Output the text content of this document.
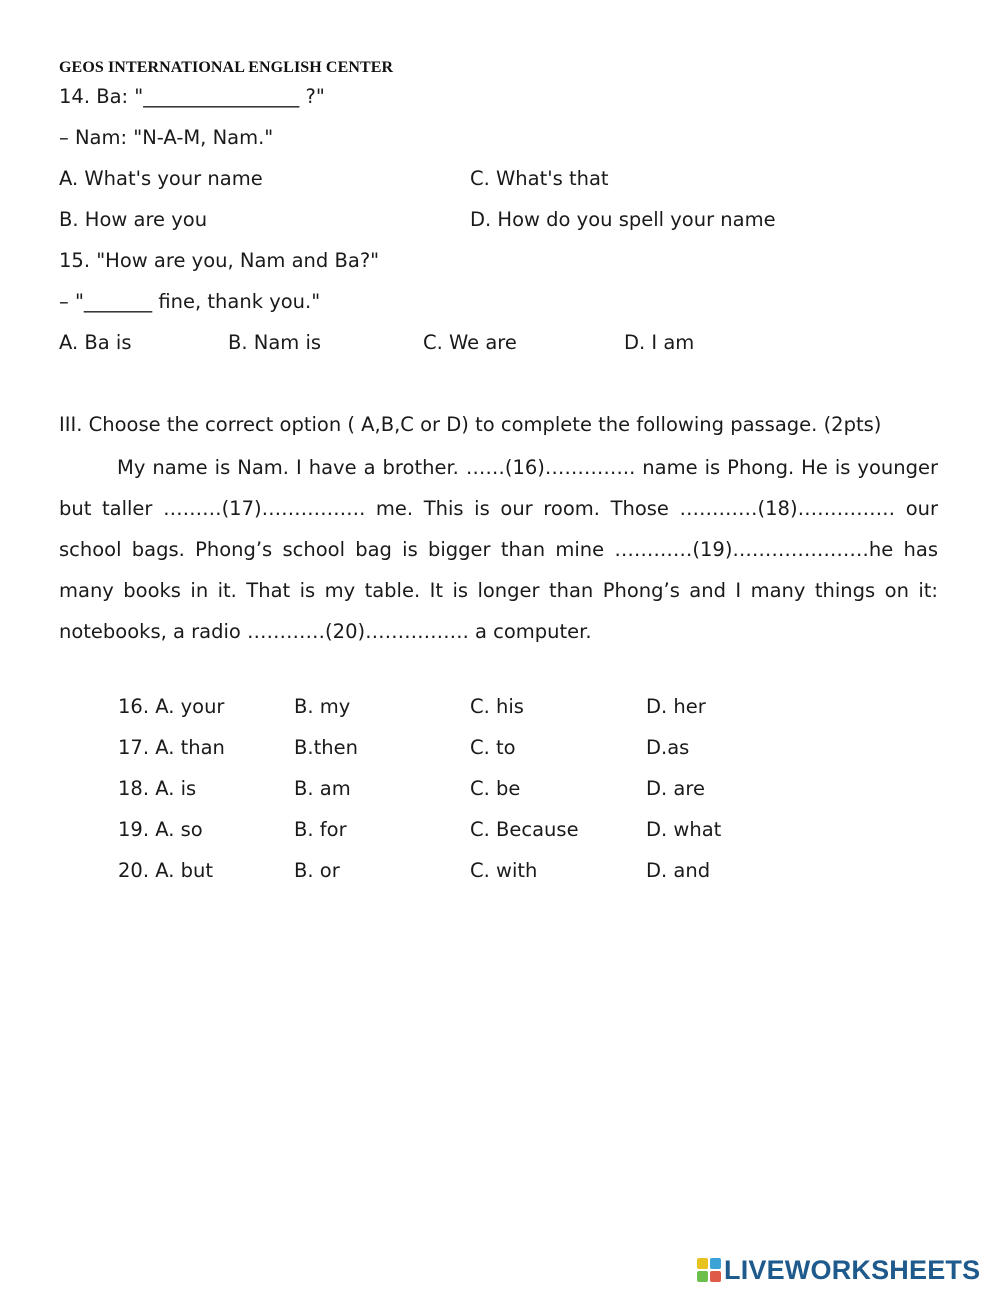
GEOS INTERNATIONAL ENGLISH CENTER
14. Ba: "________________ ?"
– Nam: "N-A-M, Nam."
A. What's your name	C. What's that
B. How are you	D. How do you spell your name
15. "How are you, Nam and Ba?"
– "_______ fine, thank you."
A. Ba is	B. Nam is	C. We are	D. I am
III. Choose the correct option ( A,B,C or D) to complete the following passage. (2pts)
My name is Nam. I have a brother. ……(16)………….. name is Phong. He is younger but taller ………(17)……………. me. This is our room. Those …………(18)…………… our school bags. Phong’s school bag is bigger than mine …………(19)…………………he has many books in it. That is my table. It is longer than Phong’s and I many things on it: notebooks, a radio …………(20)……………. a computer.
16. A. your	B. my	C. his	D. her
17. A. than	B.then	C. to	D.as
18. A. is	B. am	C. be	D. are
19. A. so	B. for	C. Because	D. what
20. A. but	B. or	C. with	D. and
LIVEWORKSHEETS
